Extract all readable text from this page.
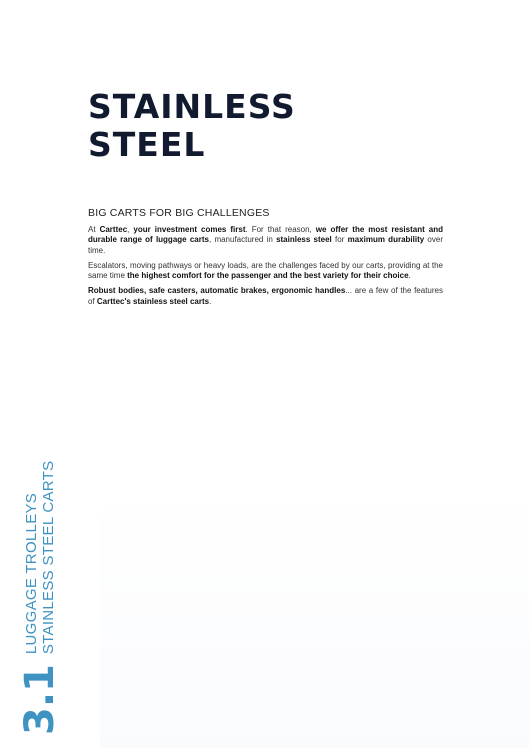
STAINLESS
STEEL
BIG CARTS FOR BIG CHALLENGES

At Carttec, your investment comes first. For that reason, we offer the most resistant and durable range of luggage carts, manufactured in stainless steel for maximum durability over time.

Escalators, moving pathways or heavy loads, are the challenges faced by our carts, providing at the same time the highest comfort for the passenger and the best variety for their choice.

Robust bodies, safe casters, automatic brakes, ergonomic handles... are a few of the features of Carttec's stainless steel carts.

3.1
LUGGAGE TROLLEYS STAINLESS STEEL CARTS
